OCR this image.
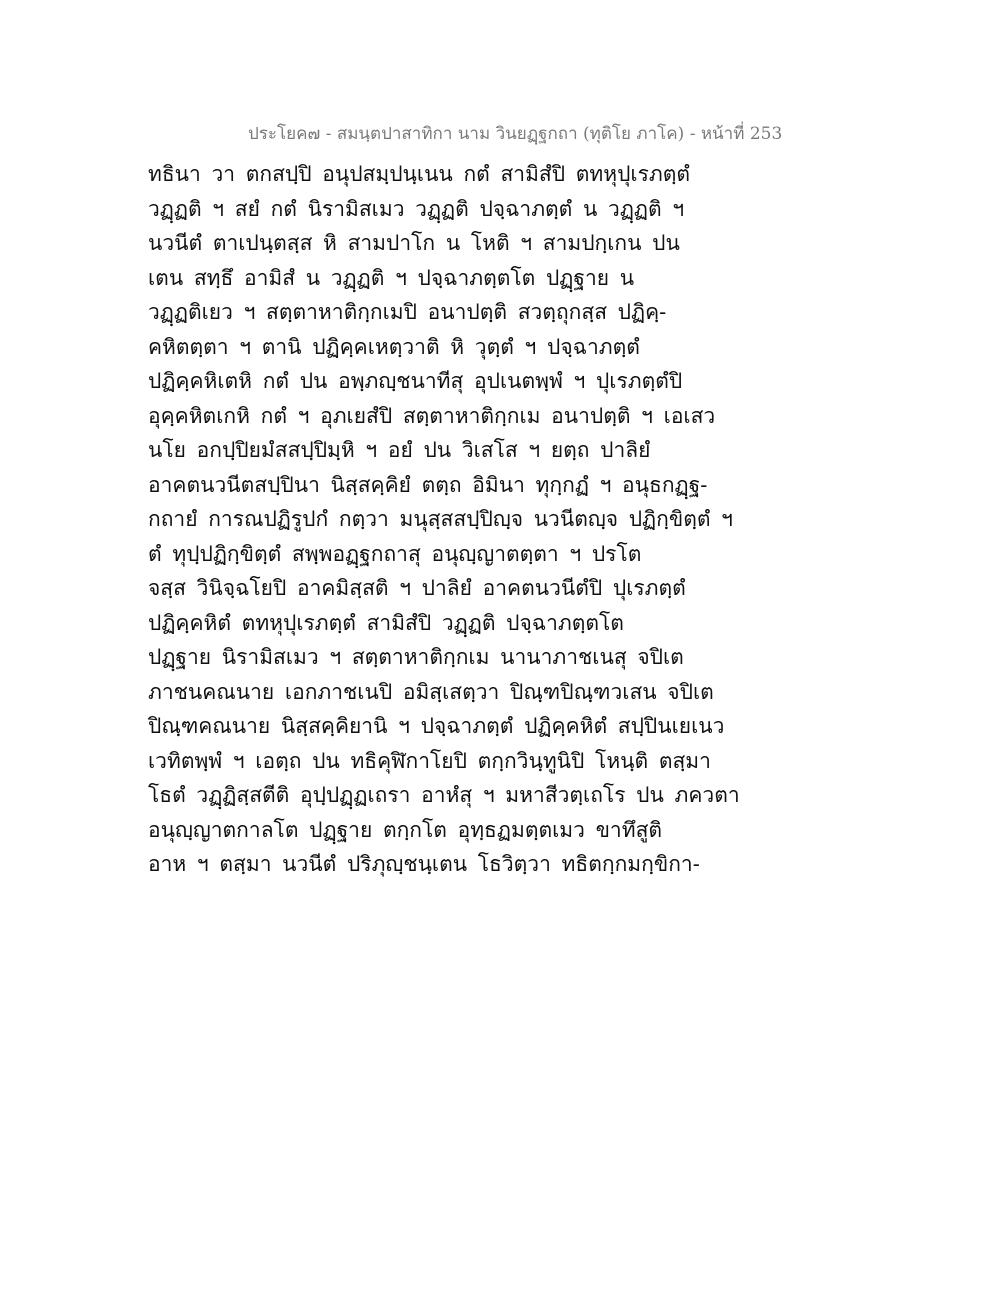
ประโยค๗ - สมนฺตปาสาทิกา นาม วินยฏฺฐกถา (ทุติโย ภาโค) - หน้าที่ 253
ทธินา วา ตกสปฺปิ อนุปสมฺปนฺเนน กตํ สามิสํปิ ตทหุปุเรภตฺตํ
วฏฺฏติ ฯ สยํ กตํ นิรามิสเมว วฏฺฏติ ปจฺฉาภตฺตํ น วฏฺฏติ ฯ
นวนีตํ ตาเปนฺตสฺส หิ สามปาโก น โหติ ฯ สามปกฺเกน ปน
เตน สทฺธึ อามิสํ น วฏฺฏติ ฯ ปจฺฉาภตฺตโต ปฏฺฐาย น
วฏฺฏติเยว ฯ สตฺตาหาติกฺกเมปิ อนาปตฺติ สวตฺถุกสฺส ปฏิคฺ-
คหิตตฺตา ฯ ตานิ ปฏิคฺคเหตฺวาติ หิ วุตฺตํ ฯ ปจฺฉาภตฺตํ
ปฏิคฺคหิเตหิ กตํ ปน อพฺภญฺชนาทีสุ อุปเนตพฺพํ ฯ ปุเรภตฺตํปิ
อุคฺคหิตเกหิ กตํ ฯ อุภเยสํปิ สตฺตาหาติกฺกเม อนาปตฺติ ฯ เอเสว
นโย อกปฺปิยมํสสปฺปิมฺหิ ฯ อยํ ปน วิเสโส ฯ ยตฺถ ปาลิยํ
อาคตนวนีตสปฺปินา นิสฺสคฺคิยํ ตตฺถ อิมินา ทุกฺกฏํ ฯ อนุธกฏฺฐ-
กถายํ การณปฏิรูปกํ กตฺวา มนุสฺสสปฺปิญฺจ นวนีตญฺจ ปฏิกฺขิตฺตํ ฯ
ตํ ทุปฺปฏิกฺขิตฺตํ สพฺพอฏฺฐกถาสุ อนุญฺญาตตฺตา ฯ ปรโต
จสฺส วินิจฺฉโยปิ อาคมิสฺสติ ฯ ปาลิยํ อาคตนวนีตํปิ ปุเรภตฺตํ
ปฏิคฺคหิตํ ตทหุปุเรภตฺตํ สามิสํปิ วฏฺฏติ ปจฺฉาภตฺตโต
ปฏฺฐาย นิรามิสเมว ฯ สตฺตาหาติกฺกเม นานาภาชเนสุ จปิเต
ภาชนคณนาย เอกภาชเนปิ อมิสฺเสตฺวา ปิณฺฑปิณฺฑวเสน จปิเต
ปิณฺฑคณนาย นิสฺสคฺคิยานิ ฯ ปจฺฉาภตฺตํ ปฏิคฺคหิตํ สปฺปินเยเนว
เวทิตพฺพํ ฯ เอตฺถ ปน ทธิคุฬิกาโยปิ ตกฺกวินฺทูนิปิ โหนฺติ ตสฺมา
โธตํ วฏฺฏิสฺสตีติ อุปฺปฏฺฏเถรา อาหํสุ ฯ มหาสีวตฺเถโร ปน ภควตา
อนุญฺญาตกาลโต ปฏฺฐาย ตกฺกโต อุทฺธฏมตฺตเมว ขาทึสูติ
อาห ฯ ตสฺมา นวนีตํ ปริภุญฺชนฺเตน โธวิตฺวา ทธิตกฺกมกฺขิกา-
